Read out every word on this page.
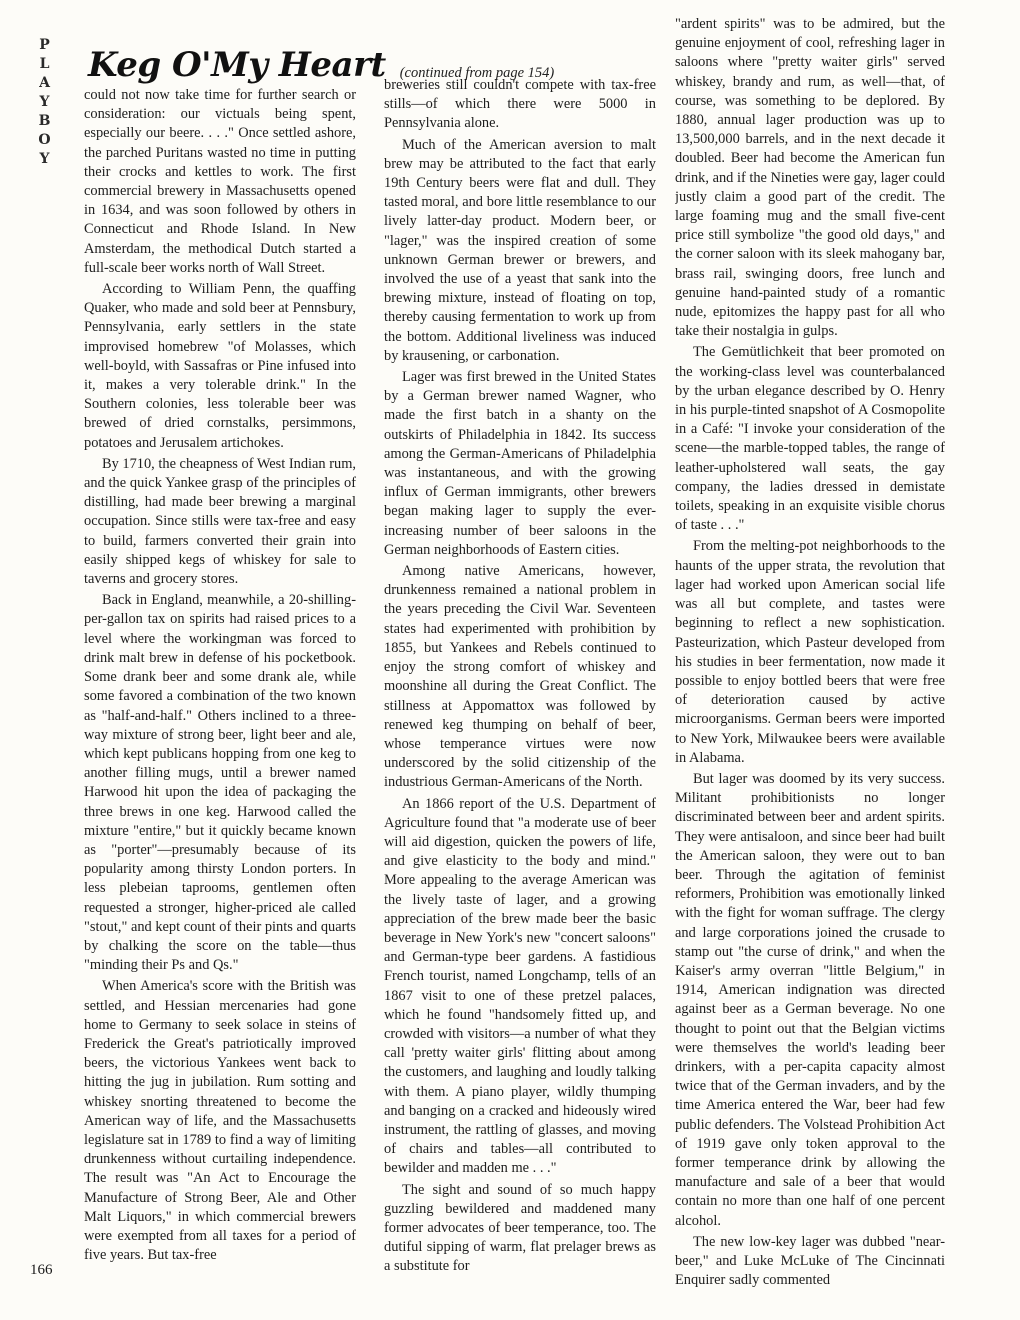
P
L
A
Y
B
O
Y
Keg O'My Heart (continued from page 154)

could not now take time for further search or consideration: our victuals being spent, especially our beere. . . ." Once settled ashore, the parched Puritans wasted no time in putting their crocks and kettles to work. The first commercial brewery in Massachusetts opened in 1634, and was soon followed by others in Connecticut and Rhode Island. In New Amsterdam, the methodical Dutch started a full-scale beer works north of Wall Street.

According to William Penn, the quaffing Quaker, who made and sold beer at Pennsbury, Pennsylvania, early settlers in the state improvised homebrew "of Molasses, which well-boyld, with Sassafras or Pine infused into it, makes a very tolerable drink." In the Southern colonies, less tolerable beer was brewed of dried cornstalks, persimmons, potatoes and Jerusalem artichokes.

By 1710, the cheapness of West Indian rum, and the quick Yankee grasp of the principles of distilling, had made beer brewing a marginal occupation. Since stills were tax-free and easy to build, farmers converted their grain into easily shipped kegs of whiskey for sale to taverns and grocery stores.

Back in England, meanwhile, a 20-shilling-per-gallon tax on spirits had raised prices to a level where the workingman was forced to drink malt brew in defense of his pocketbook. Some drank beer and some drank ale, while some favored a combination of the two known as "half-and-half." Others inclined to a three-way mixture of strong beer, light beer and ale, which kept publicans hopping from one keg to another filling mugs, until a brewer named Harwood hit upon the idea of packaging the three brews in one keg. Harwood called the mixture "entire," but it quickly became known as "porter"—presumably because of its popularity among thirsty London porters. In less plebeian taprooms, gentlemen often requested a stronger, higher-priced ale called "stout," and kept count of their pints and quarts by chalking the score on the table—thus "minding their Ps and Qs."

When America's score with the British was settled, and Hessian mercenaries had gone home to Germany to seek solace in steins of Frederick the Great's patriotically improved beers, the victorious Yankees went back to hitting the jug in jubilation. Rum sotting and whiskey snorting threatened to become the American way of life, and the Massachusetts legislature sat in 1789 to find a way of limiting drunkenness without curtailing independence. The result was "An Act to Encourage the Manufacture of Strong Beer, Ale and Other Malt Liquors," in which commercial brewers were exempted from all taxes for a period of five years. But tax-free

breweries still couldn't compete with tax-free stills—of which there were 5000 in Pennsylvania alone.

Much of the American aversion to malt brew may be attributed to the fact that early 19th Century beers were flat and dull. They tasted moral, and bore little resemblance to our lively latter-day product. Modern beer, or "lager," was the inspired creation of some unknown German brewer or brewers, and involved the use of a yeast that sank into the brewing mixture, instead of floating on top, thereby causing fermentation to work up from the bottom. Additional liveliness was induced by krausening, or carbonation.

Lager was first brewed in the United States by a German brewer named Wagner, who made the first batch in a shanty on the outskirts of Philadelphia in 1842. Its success among the German-Americans of Philadelphia was instantaneous, and with the growing influx of German immigrants, other brewers began making lager to supply the ever-increasing number of beer saloons in the German neighborhoods of Eastern cities.

Among native Americans, however, drunkenness remained a national problem in the years preceding the Civil War. Seventeen states had experimented with prohibition by 1855, but Yankees and Rebels continued to enjoy the strong comfort of whiskey and moonshine all during the Great Conflict. The stillness at Appomattox was followed by renewed keg thumping on behalf of beer, whose temperance virtues were now underscored by the solid citizenship of the industrious German-Americans of the North.

An 1866 report of the U.S. Department of Agriculture found that "a moderate use of beer will aid digestion, quicken the powers of life, and give elasticity to the body and mind." More appealing to the average American was the lively taste of lager, and a growing appreciation of the brew made beer the basic beverage in New York's new "concert saloons" and German-type beer gardens. A fastidious French tourist, named Longchamp, tells of an 1867 visit to one of these pretzel palaces, which he found "handsomely fitted up, and crowded with visitors—a number of what they call 'pretty waiter girls' flitting about among the customers, and laughing and loudly talking with them. A piano player, wildly thumping and banging on a cracked and hideously wired instrument, the rattling of glasses, and moving of chairs and tables—all contributed to bewilder and madden me . . ."

The sight and sound of so much happy guzzling bewildered and maddened many former advocates of beer temperance, too. The dutiful sipping of warm, flat prelager brews as a substitute for

"ardent spirits" was to be admired, but the genuine enjoyment of cool, refreshing lager in saloons where "pretty waiter girls" served whiskey, brandy and rum, as well—that, of course, was something to be deplored. By 1880, annual lager production was up to 13,500,000 barrels, and in the next decade it doubled. Beer had become the American fun drink, and if the Nineties were gay, lager could justly claim a good part of the credit. The large foaming mug and the small five-cent price still symbolize "the good old days," and the corner saloon with its sleek mahogany bar, brass rail, swinging doors, free lunch and genuine hand-painted study of a romantic nude, epitomizes the happy past for all who take their nostalgia in gulps.

The Gemütlichkeit that beer promoted on the working-class level was counterbalanced by the urban elegance described by O. Henry in his purple-tinted snapshot of A Cosmopolite in a Café: "I invoke your consideration of the scene—the marble-topped tables, the range of leather-upholstered wall seats, the gay company, the ladies dressed in demistate toilets, speaking in an exquisite visible chorus of taste . . ."

From the melting-pot neighborhoods to the haunts of the upper strata, the revolution that lager had worked upon American social life was all but complete, and tastes were beginning to reflect a new sophistication. Pasteurization, which Pasteur developed from his studies in beer fermentation, now made it possible to enjoy bottled beers that were free of deterioration caused by active microorganisms. German beers were imported to New York, Milwaukee beers were available in Alabama.

But lager was doomed by its very success. Militant prohibitionists no longer discriminated between beer and ardent spirits. They were antisaloon, and since beer had built the American saloon, they were out to ban beer. Through the agitation of feminist reformers, Prohibition was emotionally linked with the fight for woman suffrage. The clergy and large corporations joined the crusade to stamp out "the curse of drink," and when the Kaiser's army overran "little Belgium," in 1914, American indignation was directed against beer as a German beverage. No one thought to point out that the Belgian victims were themselves the world's leading beer drinkers, with a per-capita capacity almost twice that of the German invaders, and by the time America entered the War, beer had few public defenders. The Volstead Prohibition Act of 1919 gave only token approval to the former temperance drink by allowing the manufacture and sale of a beer that would contain no more than one half of one percent alcohol.

The new low-key lager was dubbed "near-beer," and Luke McLuke of The Cincinnati Enquirer sadly commented

166
